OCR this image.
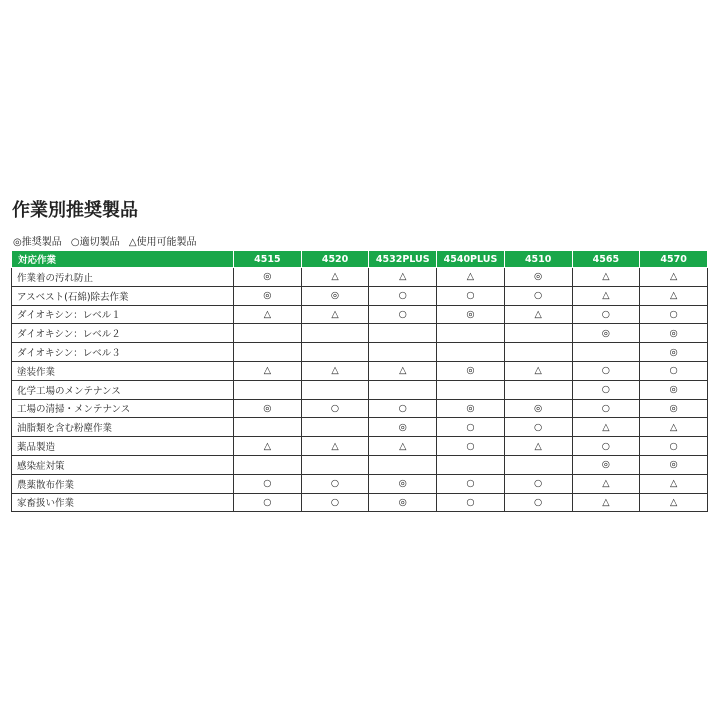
作業別推奨製品
◎推奨製品 ○適切製品 △使用可能製品
対応作業	4515	4520	4532PLUS	4540PLUS	4510	4565	4570
作業着の汚れ防止	◎	△	△	△	◎	△	△
アスベスト(石綿)除去作業	◎	◎	○	○	○	△	△
ダイオキシン：レベル１	△	△	○	◎	△	○	○
ダイオキシン：レベル２						◎	◎
ダイオキシン：レベル３							◎
塗装作業	△	△	△	◎	△	○	○
化学工場のメンテナンス						○	◎
工場の清掃・メンテナンス	◎	○	○	◎	◎	○	◎
油脂類を含む粉塵作業			◎	○	○	△	△
薬品製造	△	△	△	○	△	○	○
感染症対策						◎	◎
農薬散布作業	○	○	◎	○	○	△	△
家畜扱い作業	○	○	◎	○	○	△	△
